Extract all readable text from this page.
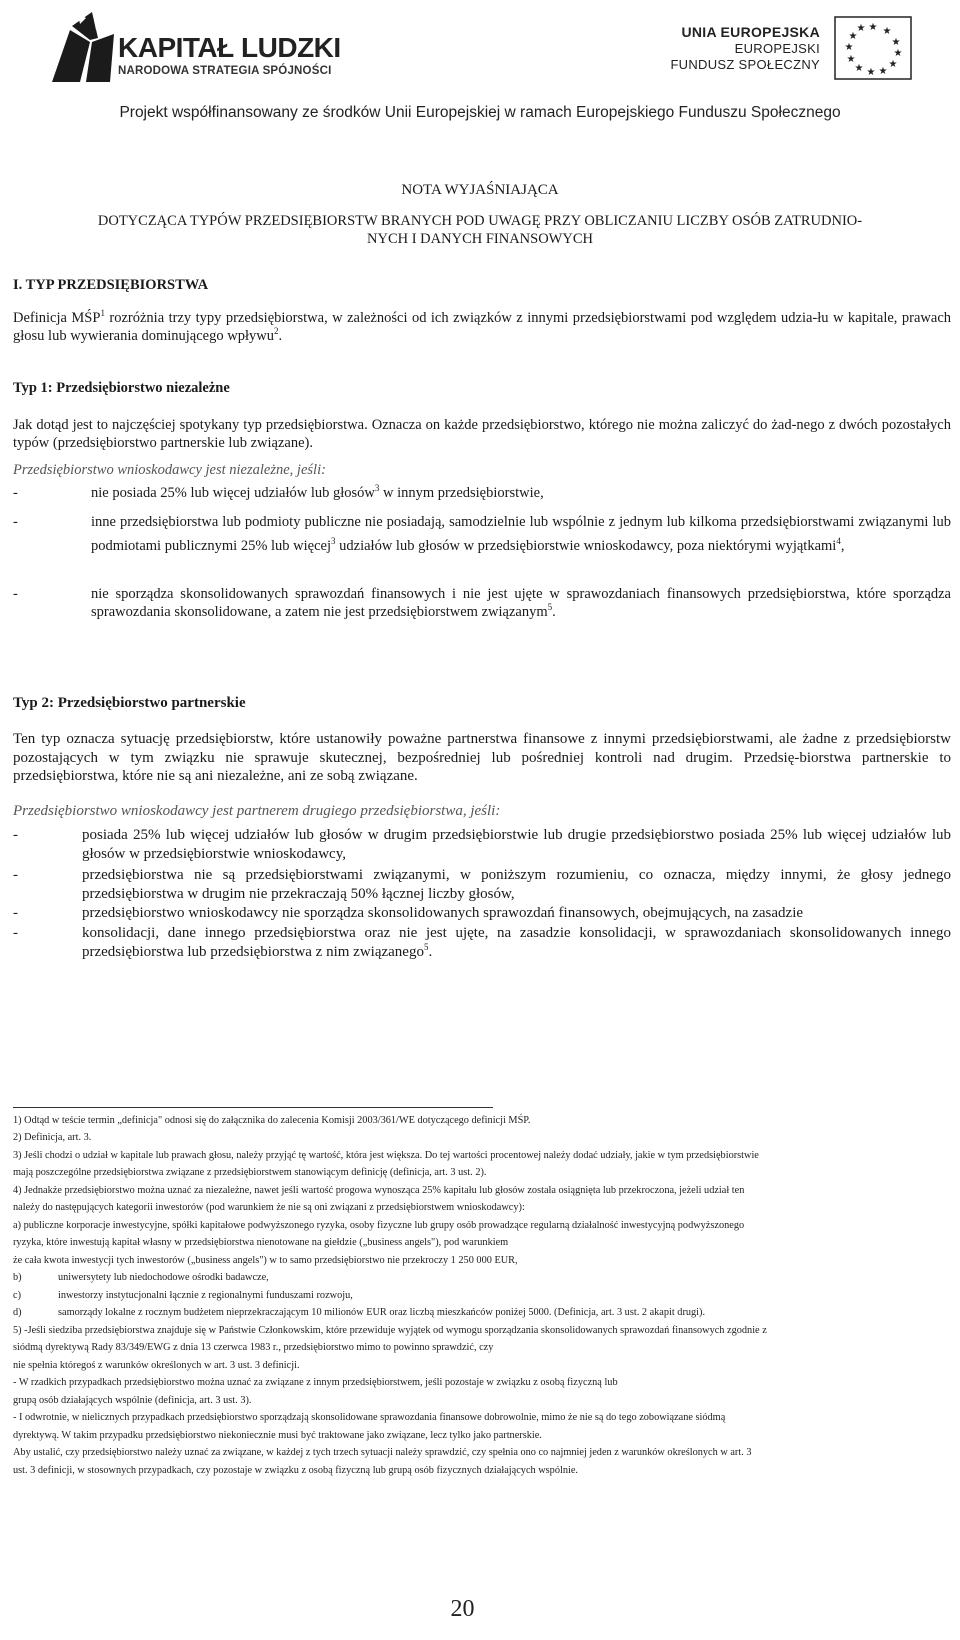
KAPITAŁ LUDZKI
NARODOWA STRATEGIA SPÓJNOŚCI
UNIA EUROPEJSKA
EUROPEJSKI
FUNDUSZ SPOŁECZNY
★ ★
★
★
★
★
★
★
★
★
★
★
Projekt współfinansowany ze środków Unii Europejskiej w ramach Europejskiego Funduszu Społecznego
NOTA WYJAŚNIAJĄCA
DOTYCZĄCA TYPÓW PRZEDSIĘBIORSTW BRANYCH POD UWAGĘ PRZY OBLICZANIU LICZBY OSÓB ZATRUDNIO-
NYCH I DANYCH FINANSOWYCH
I. TYP PRZEDSIĘBIORSTWA
Definicja MŚP$^1$ rozróżnia trzy typy przedsiębiorstwa, w zależności od ich związków z innymi przedsiębiorstwami pod względem udzia-łu w kapitale, prawach głosu lub wywierania dominującego wpływu$^2$.
Typ 1: Przedsiębiorstwo niezależne
Jak dotąd jest to najczęściej spotykany typ przedsiębiorstwa. Oznacza on każde przedsiębiorstwo, którego nie można zaliczyć do żad-nego z dwóch pozostałych typów (przedsiębiorstwo partnerskie lub związane).
Przedsiębiorstwo wnioskodawcy jest niezależne, jeśli:
-	nie posiada 25% lub więcej udziałów lub głosów$^3$ w innym przedsiębiorstwie,
-	inne przedsiębiorstwa lub podmioty publiczne nie posiadają, samodzielnie lub wspólnie z jednym lub kilkoma przedsiębiorstwami związanymi lub podmiotami publicznymi 25% lub więcej$^3$ udziałów lub głosów w przedsiębiorstwie wnioskodawcy, poza niektórymi wyjątkami$^4$,
-	nie sporządza skonsolidowanych sprawozdań finansowych i nie jest ujęte w sprawozdaniach finansowych przedsiębiorstwa, które sporządza sprawozdania skonsolidowane, a zatem nie jest przedsiębiorstwem związanym$^5$.
Typ 2: Przedsiębiorstwo partnerskie
Ten typ oznacza sytuację przedsiębiorstw, które ustanowiły poważne partnerstwa finansowe z innymi przedsiębiorstwami, ale żadne z przedsiębiorstw pozostających w tym związku nie sprawuje skutecznej, bezpośredniej lub pośredniej kontroli nad drugim. Przedsię-biorstwa partnerskie to przedsiębiorstwa, które nie są ani niezależne, ani ze sobą związane.
Przedsiębiorstwo wnioskodawcy jest partnerem drugiego przedsiębiorstwa, jeśli:
-	posiada 25% lub więcej udziałów lub głosów w drugim przedsiębiorstwie lub drugie przedsiębiorstwo posiada 25% lub więcej udziałów lub głosów w przedsiębiorstwie wnioskodawcy,
-	przedsiębiorstwa nie są przedsiębiorstwami związanymi, w poniższym rozumieniu, co oznacza, między innymi, że głosy jednego przedsiębiorstwa w drugim nie przekraczają 50% łącznej liczby głosów,
-	przedsiębiorstwo wnioskodawcy nie sporządza skonsolidowanych sprawozdań finansowych, obejmujących, na zasadzie
-	konsolidacji, dane innego przedsiębiorstwa oraz nie jest ujęte, na zasadzie konsolidacji, w sprawozdaniach skonsolidowanych innego przedsiębiorstwa lub przedsiębiorstwa z nim związanego$^5$.
1) Odtąd w teście termin „definicja" odnosi się do załącznika do zalecenia Komisji 2003/361/WE dotyczącego definicji MŚP.
2) Definicja, art. 3.
3) Jeśli chodzi o udział w kapitale lub prawach głosu, należy przyjąć tę wartość, która jest większa. Do tej wartości procentowej należy dodać udziały, jakie w tym przedsiębiorstwie
mają poszczególne przedsiębiorstwa związane z przedsiębiorstwem stanowiącym definicję (definicja, art. 3 ust. 2).
4) Jednakże przedsiębiorstwo można uznać za niezależne, nawet jeśli wartość progowa wynosząca 25% kapitału lub głosów została osiągnięta lub przekroczona, jeżeli udział ten
należy do następujących kategorii inwestorów (pod warunkiem że nie są oni związani z przedsiębiorstwem wnioskodawcy):
a) publiczne korporacje inwestycyjne, spółki kapitałowe podwyższonego ryzyka, osoby fizyczne lub grupy osób prowadzące regularną działalność inwestycyjną podwyższonego
ryzyka, które inwestują kapitał własny w przedsiębiorstwa nienotowane na giełdzie („business angels"), pod warunkiem
że cała kwota inwestycji tych inwestorów („business angels") w to samo przedsiębiorstwo nie przekroczy 1 250 000 EUR,
b)	uniwersytety lub niedochodowe ośrodki badawcze,
c)	inwestorzy instytucjonalni łącznie z regionalnymi funduszami rozwoju,
d)	samorządy lokalne z rocznym budżetem nieprzekraczającym 10 milionów EUR oraz liczbą mieszkańców poniżej 5000. (Definicja, art. 3 ust. 2 akapit drugi).
5) -Jeśli siedziba przedsiębiorstwa znajduje się w Państwie Członkowskim, które przewiduje wyjątek od wymogu sporządzania skonsolidowanych sprawozdań finansowych zgodnie z
siódmą dyrektywą Rady 83/349/EWG z dnia 13 czerwca 1983 r., przedsiębiorstwo mimo to powinno sprawdzić, czy
nie spełnia któregoś z warunków określonych w art. 3 ust. 3 definicji.
- W rzadkich przypadkach przedsiębiorstwo można uznać za związane z innym przedsiębiorstwem, jeśli pozostaje w związku z osobą fizyczną lub
grupą osób działających wspólnie (definicja, art. 3 ust. 3).
- I odwrotnie, w nielicznych przypadkach przedsiębiorstwo sporządzają skonsolidowane sprawozdania finansowe dobrowolnie, mimo że nie są do tego zobowiązane siódmą
dyrektywą. W takim przypadku przedsiębiorstwo niekoniecznie musi być traktowane jako związane, lecz tylko jako partnerskie.
Aby ustalić, czy przedsiębiorstwo należy uznać za związane, w każdej z tych trzech sytuacji należy sprawdzić, czy spełnia ono co najmniej jeden z warunków określonych w art. 3
ust. 3 definicji, w stosownych przypadkach, czy pozostaje w związku z osobą fizyczną lub grupą osób fizycznych działających wspólnie.
20
